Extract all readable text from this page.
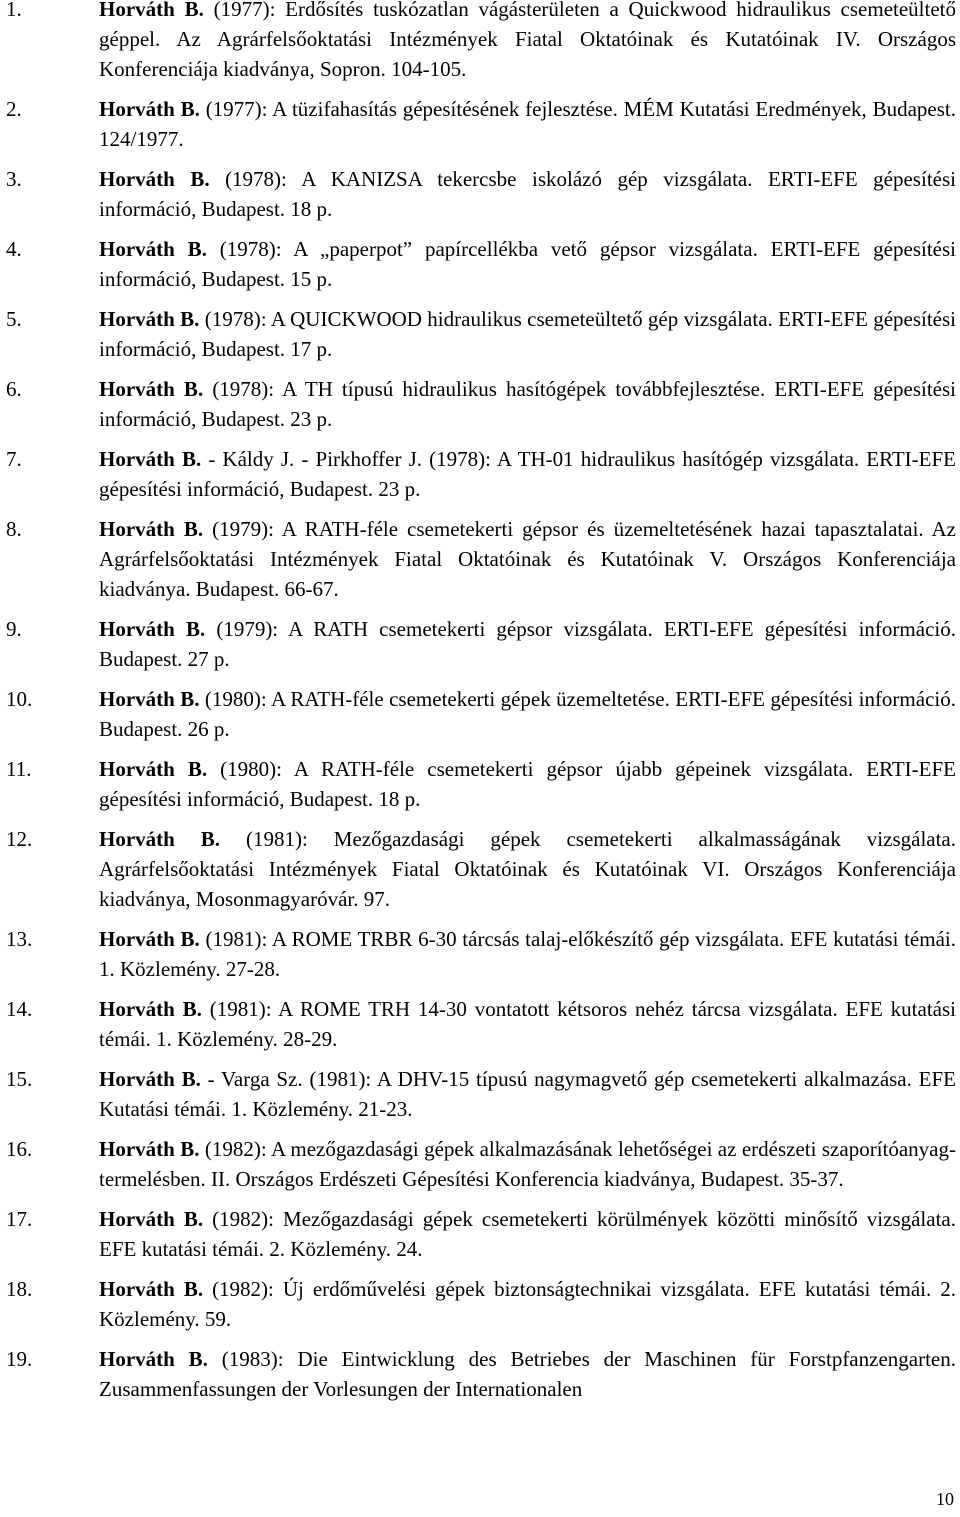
1.	Horváth B. (1977): Erdősítés tuskózatlan vágásterületen a Quickwood hidraulikus csemeteültető géppel. Az Agrárfelsőoktatási Intézmények Fiatal Oktatóinak és Kutatóinak IV. Országos Konferenciája kiadványa, Sopron. 104-105.
2.	Horváth B. (1977): A tüzifahasítás gépesítésének fejlesztése. MÉM Kutatási Eredmények, Budapest. 124/1977.
3.	Horváth B. (1978): A KANIZSA tekercsbe iskolázó gép vizsgálata. ERTI-EFE gépesítési információ, Budapest. 18 p.
4.	Horváth B. (1978): A „paperpot” papírcellékba vető gépsor vizsgálata. ERTI-EFE gépesítési információ, Budapest. 15 p.
5.	Horváth B. (1978): A QUICKWOOD hidraulikus csemeteültető gép vizsgálata. ERTI-EFE gépesítési információ, Budapest. 17 p.
6.	Horváth B. (1978): A TH típusú hidraulikus hasítógépek továbbfejlesztése. ERTI-EFE gépesítési információ, Budapest. 23 p.
7.	Horváth B. - Káldy J. - Pirkhoffer J. (1978): A TH-01 hidraulikus hasítógép vizsgálata. ERTI-EFE gépesítési információ, Budapest. 23 p.
8.	Horváth B. (1979): A RATH-féle csemetekerti gépsor és üzemeltetésének hazai tapasztalatai. Az Agrárfelsőoktatási Intézmények Fiatal Oktatóinak és Kutatóinak V. Országos Konferenciája kiadványa. Budapest. 66-67.
9.	Horváth B. (1979): A RATH csemetekerti gépsor vizsgálata. ERTI-EFE gépesítési információ. Budapest. 27 p.
10.	Horváth B. (1980): A RATH-féle csemetekerti gépek üzemeltetése. ERTI-EFE gépesítési információ. Budapest. 26 p.
11.	Horváth B. (1980): A RATH-féle csemetekerti gépsor újabb gépeinek vizsgálata. ERTI-EFE gépesítési információ, Budapest. 18 p.
12.	Horváth B. (1981): Mezőgazdasági gépek csemetekerti alkalmasságának vizsgálata. Agrárfelsőoktatási Intézmények Fiatal Oktatóinak és Kutatóinak VI. Országos Konferenciája kiadványa, Mosonmagyaróvár. 97.
13.	Horváth B. (1981): A ROME TRBR 6-30 tárcsás talaj-előkészítő gép vizsgálata. EFE kutatási témái. 1. Közlemény. 27-28.
14.	Horváth B. (1981): A ROME TRH 14-30 vontatott kétsoros nehéz tárcsa vizsgálata. EFE kutatási témái. 1. Közlemény. 28-29.
15.	Horváth B. - Varga Sz. (1981): A DHV-15 típusú nagymagvető gép csemetekerti alkalmazása. EFE Kutatási témái. 1. Közlemény. 21-23.
16.	Horváth B. (1982): A mezőgazdasági gépek alkalmazásának lehetőségei az erdészeti szaporítóanyag-termelésben. II. Országos Erdészeti Gépesítési Konferencia kiadványa, Budapest. 35-37.
17.	Horváth B. (1982): Mezőgazdasági gépek csemetekerti körülmények közötti minősítő vizsgálata. EFE kutatási témái. 2. Közlemény. 24.
18.	Horváth B. (1982): Új erdőművelési gépek biztonságtechnikai vizsgálata. EFE kutatási témái. 2. Közlemény. 59.
19.	Horváth B. (1983): Die Eintwicklung des Betriebes der Maschinen für Forstpfanzengarten. Zusammenfassungen der Vorlesungen der Internationalen
10
